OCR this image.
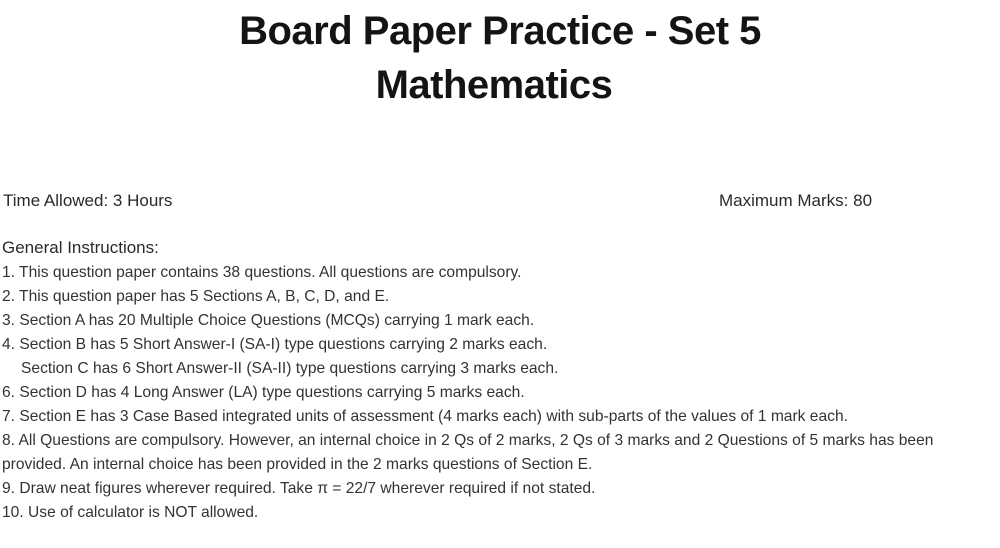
Board Paper Practice - Set 5
Mathematics
Time Allowed: 3 Hours	Maximum Marks: 80
General Instructions:
1. This question paper contains 38 questions. All questions are compulsory.
2. This question paper has 5 Sections A, B, C, D, and E.
3. Section A has 20 Multiple Choice Questions (MCQs) carrying 1 mark each.
4. Section B has 5 Short Answer-I (SA-I) type questions carrying 2 marks each.
Section C has 6 Short Answer-II (SA-II) type questions carrying 3 marks each.
6. Section D has 4 Long Answer (LA) type questions carrying 5 marks each.
7. Section E has 3 Case Based integrated units of assessment (4 marks each) with sub-parts of the values of 1 mark each.
8. All Questions are compulsory. However, an internal choice in 2 Qs of 2 marks, 2 Qs of 3 marks and 2 Questions of 5 marks has been provided. An internal choice has been provided in the 2 marks questions of Section E.
9. Draw neat figures wherever required. Take π = 22/7 wherever required if not stated.
10. Use of calculator is NOT allowed.
